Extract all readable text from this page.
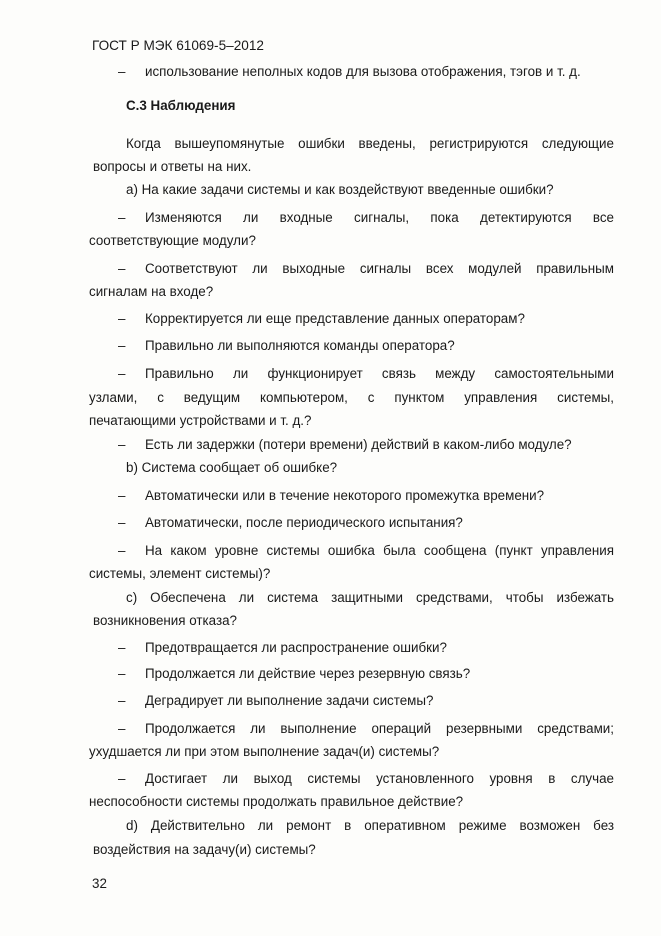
ГОСТ Р МЭК 61069-5–2012
– использование неполных кодов для вызова отображения, тэгов и т. д.
С.3 Наблюдения
Когда вышеупомянутые ошибки введены, регистрируются следующие
вопросы и ответы на них.
a) На какие задачи системы и как воздействуют введенные ошибки?
– Изменяются ли входные сигналы, пока детектируются все
соответствующие модули?
– Соответствуют ли выходные сигналы всех модулей правильным
сигналам на входе?
– Корректируется ли еще представление данных операторам?
– Правильно ли выполняются команды оператора?
– Правильно ли функционирует связь между самостоятельными
узлами, с ведущим компьютером, с пунктом управления системы,
печатающими устройствами и т. д.?
– Есть ли задержки (потери времени) действий в каком-либо модуле?
b) Система сообщает об ошибке?
– Автоматически или в течение некоторого промежутка времени?
– Автоматически, после периодического испытания?
– На каком уровне системы ошибка была сообщена (пункт управления
системы, элемент системы)?
c) Обеспечена ли система защитными средствами, чтобы избежать
возникновения отказа?
– Предотвращается ли распространение ошибки?
– Продолжается ли действие через резервную связь?
– Деградирует ли выполнение задачи системы?
– Продолжается ли выполнение операций резервными средствами;
ухудшается ли при этом выполнение задач(и) системы?
– Достигает ли выход системы установленного уровня в случае
неспособности системы продолжать правильное действие?
d) Действительно ли ремонт в оперативном режиме возможен без
воздействия на задачу(и) системы?
32
